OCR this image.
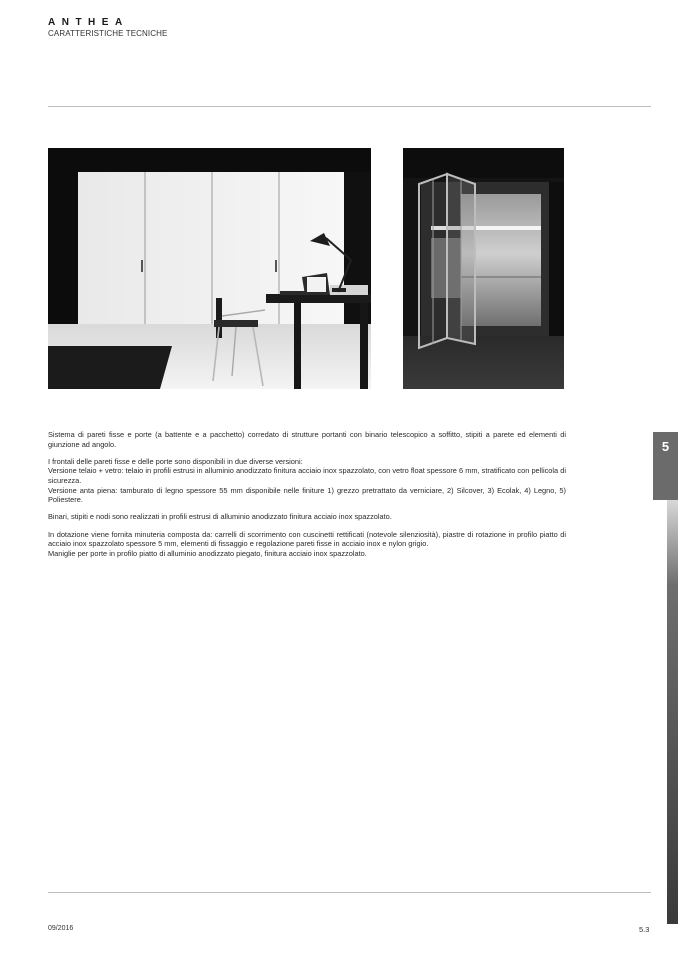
ANTHEA
CARATTERISTICHE TECNICHE

Sistema di pareti fisse e porte (a battente e a pacchetto) corredato di strutture portanti con binario telescopico a soffitto, stipiti a parete ed elementi di giunzione ad angolo.

I frontali delle pareti fisse e delle porte sono disponibili in due diverse versioni:
Versione telaio + vetro: telaio in profili estrusi in alluminio anodizzato finitura acciaio inox spazzolato, con vetro float spessore 6 mm, stratificato con pellicola di sicurezza.
Versione anta piena: tamburato di legno spessore 55 mm disponibile nelle finiture 1) grezzo pretrattato da verniciare, 2) Silcover, 3) Ecolak, 4) Legno, 5) Poliestere.

Binari, stipiti e nodi sono realizzati in profili estrusi di alluminio anodizzato finitura acciaio inox spazzolato.

In dotazione viene fornita minuteria composta da: carrelli di scorrimento con cuscinetti rettificati (notevole silenziosità), piastre di rotazione in profilo piatto di acciaio inox spazzolato spessore 5 mm, elementi di fissaggio e regolazione pareti fisse in acciaio inox e nylon grigio.
Maniglie per porte in profilo piatto di alluminio anodizzato piegato, finitura acciaio inox spazzolato.

5
09/2016	5.3
